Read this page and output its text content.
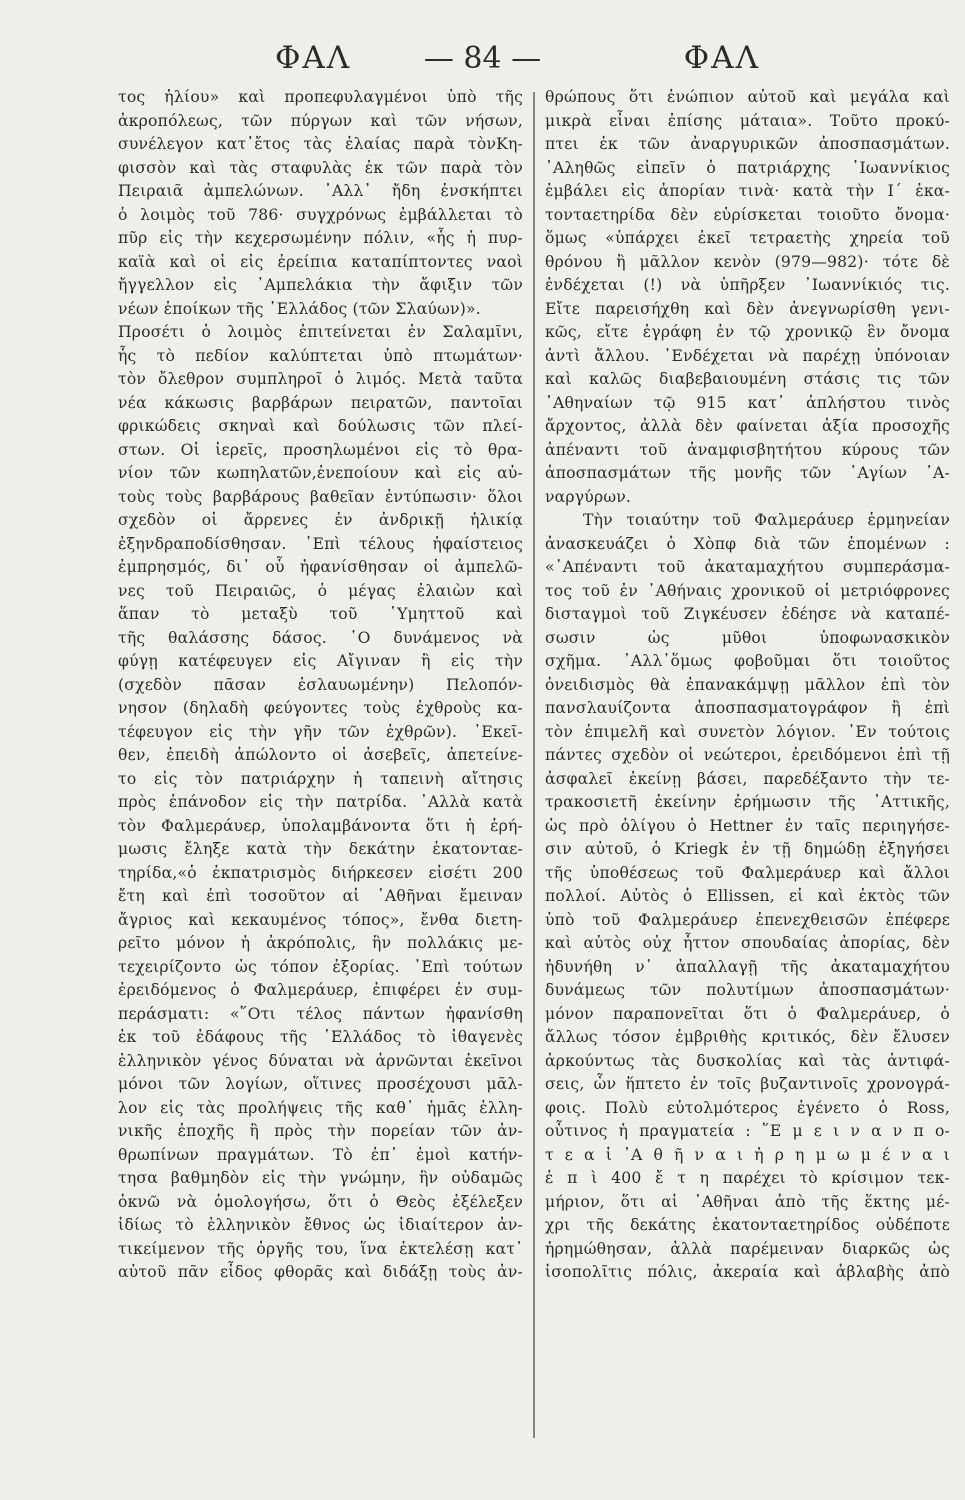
ΦΑΛ — 84 —	ΦΑΛ
τος ἡλίου» καὶ προπεφυλαγμένοι ὑπὸ τῆς
ἀκροπόλεως, τῶν πύργων καὶ τῶν νήσων,
συνέλεγον κατ᾽ἔτος τὰς ἐλαίας παρὰ τὸνΚη-
φισσὸν καὶ τὰς σταφυλὰς ἐκ τῶν παρὰ τὸν
Πειραιᾶ ἀμπελώνων. ᾿Αλλ᾽ ἤδη ἐνσκήπτει
ὁ λοιμὸς τοῦ 786· συγχρόνως ἐμβάλλεται τὸ
πῦρ εἰς τὴν κεχερσωμένην πόλιν, «ἧς ἡ πυρ-
καϊὰ καὶ οἱ εἰς ἐρείπια καταπίπτοντες ναοὶ
ἤγγελλον εἰς ᾿Αμπελάκια τὴν ἄφιξιν τῶν
νέων ἐποίκων τῆς ῾Ελλάδος (τῶν Σλαύων)».
Προσέτι ὁ λοιμὸς ἐπιτείνεται ἐν Σαλαμῖνι,
ἧς τὸ πεδίον καλύπτεται ὑπὸ πτωμάτων·
τὸν ὄλεθρον συμπληροῖ ὁ λιμός. Μετὰ ταῦτα
νέα κάκωσις βαρβάρων πειρατῶν, παντοῖαι
φρικώδεις σκηναὶ καὶ δούλωσις τῶν πλεί-
στων. Οἱ ἱερεῖς, προσηλωμένοι εἰς τὸ θρα-
νίον τῶν κωπηλατῶν,ἐνεποίουν καὶ εἰς αὐ-
τοὺς τοὺς βαρβάρους βαθεῖαν ἐντύπωσιν· ὅλοι
σχεδὸν οἱ ἄρρενες ἐν ἀνδρικῇ ἡλικίᾳ
ἐξηνδραποδίσθησαν. ᾿Επὶ τέλους ἡφαίστειος
ἐμπρησμός, δι᾽ οὗ ἠφανίσθησαν οἱ ἀμπελῶ-
νες τοῦ Πειραιῶς, ὁ μέγας ἐλαιὼν καὶ
ἅπαν τὸ μεταξὺ τοῦ ῾Υμηττοῦ καὶ
τῆς θαλάσσης δάσος. ῾Ο δυνάμενος νὰ
φύγῃ κατέφευγεν εἰς Αἴγιναν ἢ εἰς τὴν
(σχεδὸν πᾶσαν ἐσλαυωμένην) Πελοπόν-
νησον (δηλαδὴ φεύγοντες τοὺς ἐχθροὺς κα-
τέφευγον εἰς τὴν γῆν τῶν ἐχθρῶν). ᾿Εκεῖ-
θεν, ἐπειδὴ ἀπώλοντο οἱ ἀσεβεῖς, ἀπετείνε-
το εἰς τὸν πατριάρχην ἡ ταπεινὴ αἴτησις
πρὸς ἐπάνοδον εἰς τὴν πατρίδα. ᾿Αλλὰ κατὰ
τὸν Φαλμεράυερ, ὑπολαμβάνοντα ὅτι ἡ ἐρή-
μωσις ἔληξε κατὰ τὴν δεκάτην ἑκατονταε-
τηρίδα,«ὁ ἐκπατρισμὸς διήρκεσεν εἰσέτι 200
ἔτη καὶ ἐπὶ τοσοῦτον αἱ ᾿Αθῆναι ἔμειναν
ἄγριος καὶ κεκαυμένος τόπος», ἔνθα διετη-
ρεῖτο μόνον ἡ ἀκρόπολις, ἣν πολλάκις με-
τεχειρίζοντο ὡς τόπον ἐξορίας. ᾿Επὶ τούτων
ἐρειδόμενος ὁ Φαλμεράυερ, ἐπιφέρει ἐν συμ-
περάσματι: «῞Οτι τέλος πάντων ἠφανίσθη
ἐκ τοῦ ἐδάφους τῆς ῾Ελλάδος τὸ ἰθαγενὲς
ἑλληνικὸν γένος δύναται νὰ ἀρνῶνται ἐκεῖνοι
μόνοι τῶν λογίων, οἵτινες προσέχουσι μᾶλ-
λον εἰς τὰς προλήψεις τῆς καθ᾽ ἡμᾶς ἑλλη-
νικῆς ἐποχῆς ἢ πρὸς τὴν πορείαν τῶν ἀν-
θρωπίνων πραγμάτων. Τὸ ἐπ᾽ ἐμοὶ κατήν-
τησα βαθμηδὸν εἰς τὴν γνώμην, ἣν οὐδαμῶς
ὀκνῶ νὰ ὁμολογήσω, ὅτι ὁ Θεὸς ἐξέλεξεν
ἰδίως τὸ ἑλληνικὸν ἔθνος ὡς ἰδιαίτερον ἀν-
τικείμενον τῆς ὀργῆς του, ἵνα ἐκτελέσῃ κατ᾽
αὐτοῦ πᾶν εἶδος φθορᾶς καὶ διδάξῃ τοὺς ἀν-
θρώπους ὅτι ἐνώπιον αὐτοῦ καὶ μεγάλα καὶ
μικρὰ εἶναι ἐπίσης μάταια». Τοῦτο προκύ-
πτει ἐκ τῶν ἀναργυρικῶν ἀποσπασμάτων.
᾿Αληθῶς εἰπεῖν ὁ πατριάρχης ᾿Ιωαννίκιος
ἐμβάλει εἰς ἀπορίαν τινὰ· κατὰ τὴν Ι΄ ἑκα-
τονταετηρίδα δὲν εὑρίσκεται τοιοῦτο ὄνομα·
ὅμως «ὑπάρχει ἐκεῖ τετραετὴς χηρεία τοῦ
θρόνου ἢ μᾶλλον κενὸν (979—982)· τότε δὲ
ἐνδέχεται (!) νὰ ὑπῆρξεν ᾿Ιωαννίκιός τις.
Εἴτε παρεισήχθη καὶ δὲν ἀνεγνωρίσθη γενι-
κῶς, εἴτε ἐγράφη ἐν τῷ χρονικῷ ἓν ὄνομα
ἀντὶ ἄλλου. ᾿Ενδέχεται νὰ παρέχῃ ὑπόνοιαν
καὶ καλῶς διαβεβαιουμένη στάσις τις τῶν
᾿Αθηναίων τῷ 915 κατ᾽ ἀπλήστου τινὸς
ἄρχοντος, ἀλλὰ δὲν φαίνεται ἀξία προσοχῆς
ἀπέναντι τοῦ ἀναμφισβητήτου κύρους τῶν
ἀποσπασμάτων τῆς μονῆς τῶν ῾Αγίων ᾿Α-
ναργύρων.
Τὴν τοιαύτην τοῦ Φαλμεράυερ ἑρμηνείαν
ἀνασκευάζει ὁ Χὸπφ διὰ τῶν ἑπομένων :
«᾿Απέναντι τοῦ ἀκαταμαχήτου συμπεράσμα-
τος τοῦ ἐν ᾿Αθήναις χρονικοῦ οἱ μετριόφρονες
δισταγμοὶ τοῦ Ζιγκέυσεν ἐδέησε νὰ καταπέ-
σωσιν ὡς μῦθοι ὑποφωνασκικὸν
σχῆμα. ᾿Αλλ᾽ὅμως φοβοῦμαι ὅτι τοιοῦτος
ὀνειδισμὸς θὰ ἐπανακάμψῃ μᾶλλον ἐπὶ τὸν
πανσλαυίζοντα ἀποσπασματογράφον ἢ ἐπὶ
τὸν ἐπιμελῆ καὶ συνετὸν λόγιον. ᾿Εν τούτοις
πάντες σχεδὸν οἱ νεώτεροι, ἐρειδόμενοι ἐπὶ τῇ
ἀσφαλεῖ ἐκείνῃ βάσει, παρεδέξαντο τὴν τε-
τρακοσιετῆ ἐκείνην ἐρήμωσιν τῆς ᾿Αττικῆς,
ὡς πρὸ ὀλίγου ὁ Hettner ἐν ταῖς περιηγήσε-
σιν αὐτοῦ, ὁ Kriegk ἐν τῇ δημώδῃ ἐξηγήσει
τῆς ὑποθέσεως τοῦ Φαλμεράυερ καὶ ἄλλοι
πολλοί. Αὐτὸς ὁ Ellissen, εἰ καὶ ἐκτὸς τῶν
ὑπὸ τοῦ Φαλμεράυερ ἐπενεχθεισῶν ἐπέφερε
καὶ αὐτὸς οὐχ ἧττον σπουδαίας ἀπορίας, δὲν
ἠδυνήθη ν᾽ ἀπαλλαγῇ τῆς ἀκαταμαχήτου
δυνάμεως τῶν πολυτίμων ἀποσπασμάτων·
μόνον παραπονεῖται ὅτι ὁ Φαλμεράυερ, ὁ
ἄλλως τόσον ἐμβριθὴς κριτικός, δὲν ἔλυσεν
ἀρκούντως τὰς δυσκολίας καὶ τὰς ἀντιφά-
σεις, ὧν ἥπτετο ἐν τοῖς βυζαντινοῖς χρονογρά-
φοις. Πολὺ εὐτολμότερος ἐγένετο ὁ Ross,
οὗτινος ἡ πραγματεία : ῞Ε μ ε ι ν α ν π ο-
τ ε α ἱ ᾿Α θ ῆ ν α ι ἠ ρ η μ ω μ έ ν α ι
ἐ π ὶ 400 ἔ τ η παρέχει τὸ κρίσιμον τεκ-
μήριον, ὅτι αἱ ᾿Αθῆναι ἀπὸ τῆς ἕκτης μέ-
χρι τῆς δεκάτης ἑκατονταετηρίδος οὐδέποτε
ἠρημώθησαν, ἀλλὰ παρέμειναν διαρκῶς ὡς
ἰσοπολῖτις πόλις, ἀκεραία καὶ ἀβλαβὴς ἀπὸ
